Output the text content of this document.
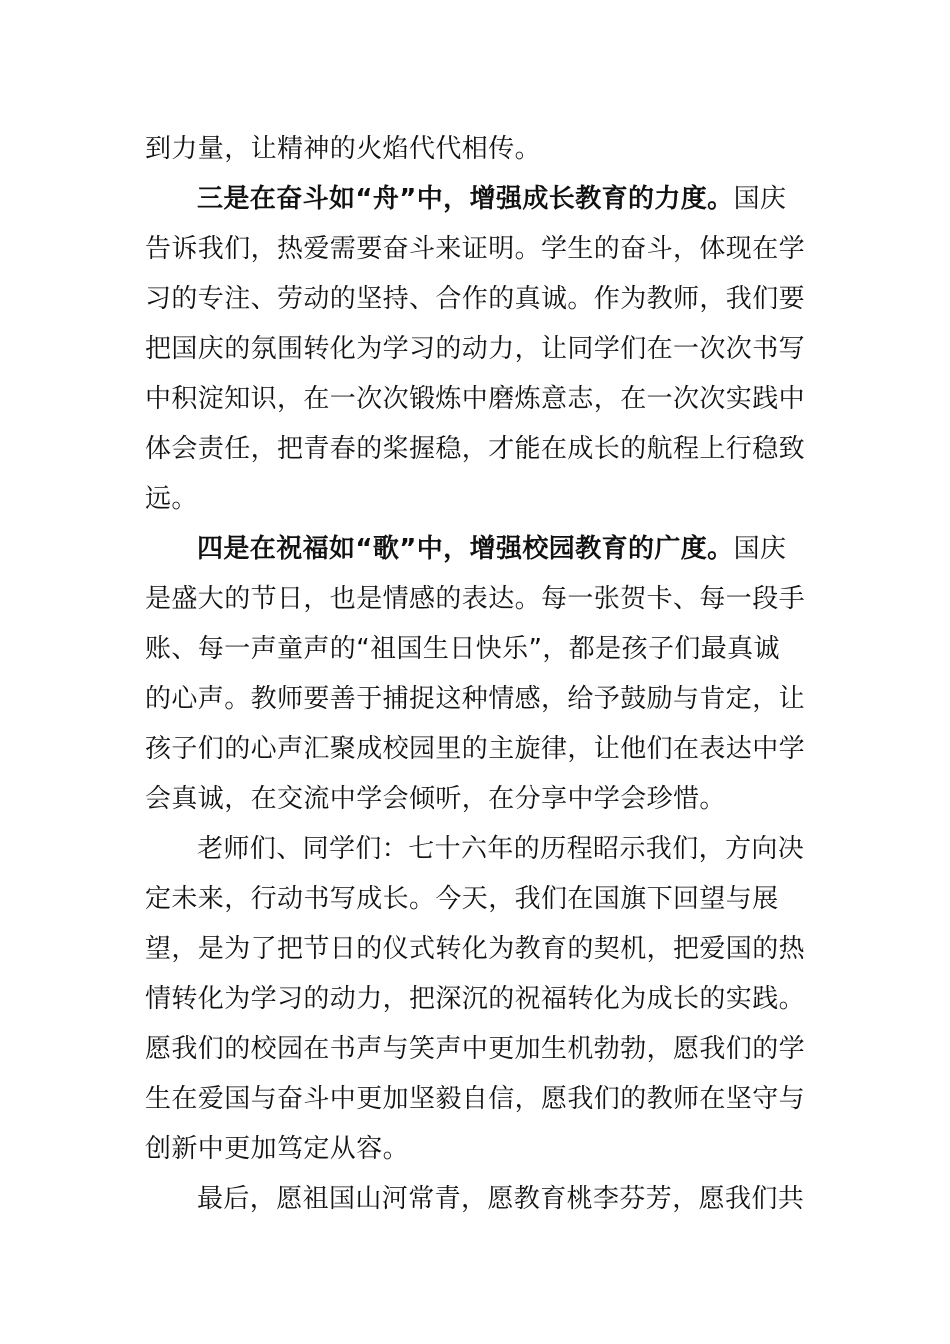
到力量，让精神的火焰代代相传。
三是在奋斗如“舟”中，增强成长教育的力度。国庆
告诉我们，热爱需要奋斗来证明。学生的奋斗，体现在学
习的专注、劳动的坚持、合作的真诚。作为教师，我们要
把国庆的氛围转化为学习的动力，让同学们在一次次书写
中积淀知识，在一次次锻炼中磨炼意志，在一次次实践中
体会责任，把青春的桨握稳，才能在成长的航程上行稳致
远。
四是在祝福如“歌”中，增强校园教育的广度。国庆
是盛大的节日，也是情感的表达。每一张贺卡、每一段手
账、每一声童声的“祖国生日快乐”，都是孩子们最真诚
的心声。教师要善于捕捉这种情感，给予鼓励与肯定，让
孩子们的心声汇聚成校园里的主旋律，让他们在表达中学
会真诚，在交流中学会倾听，在分享中学会珍惜。
老师们、同学们：七十六年的历程昭示我们，方向决
定未来，行动书写成长。今天，我们在国旗下回望与展
望，是为了把节日的仪式转化为教育的契机，把爱国的热
情转化为学习的动力，把深沉的祝福转化为成长的实践。
愿我们的校园在书声与笑声中更加生机勃勃，愿我们的学
生在爱国与奋斗中更加坚毅自信，愿我们的教师在坚守与
创新中更加笃定从容。
最后，愿祖国山河常青，愿教育桃李芬芳，愿我们共
